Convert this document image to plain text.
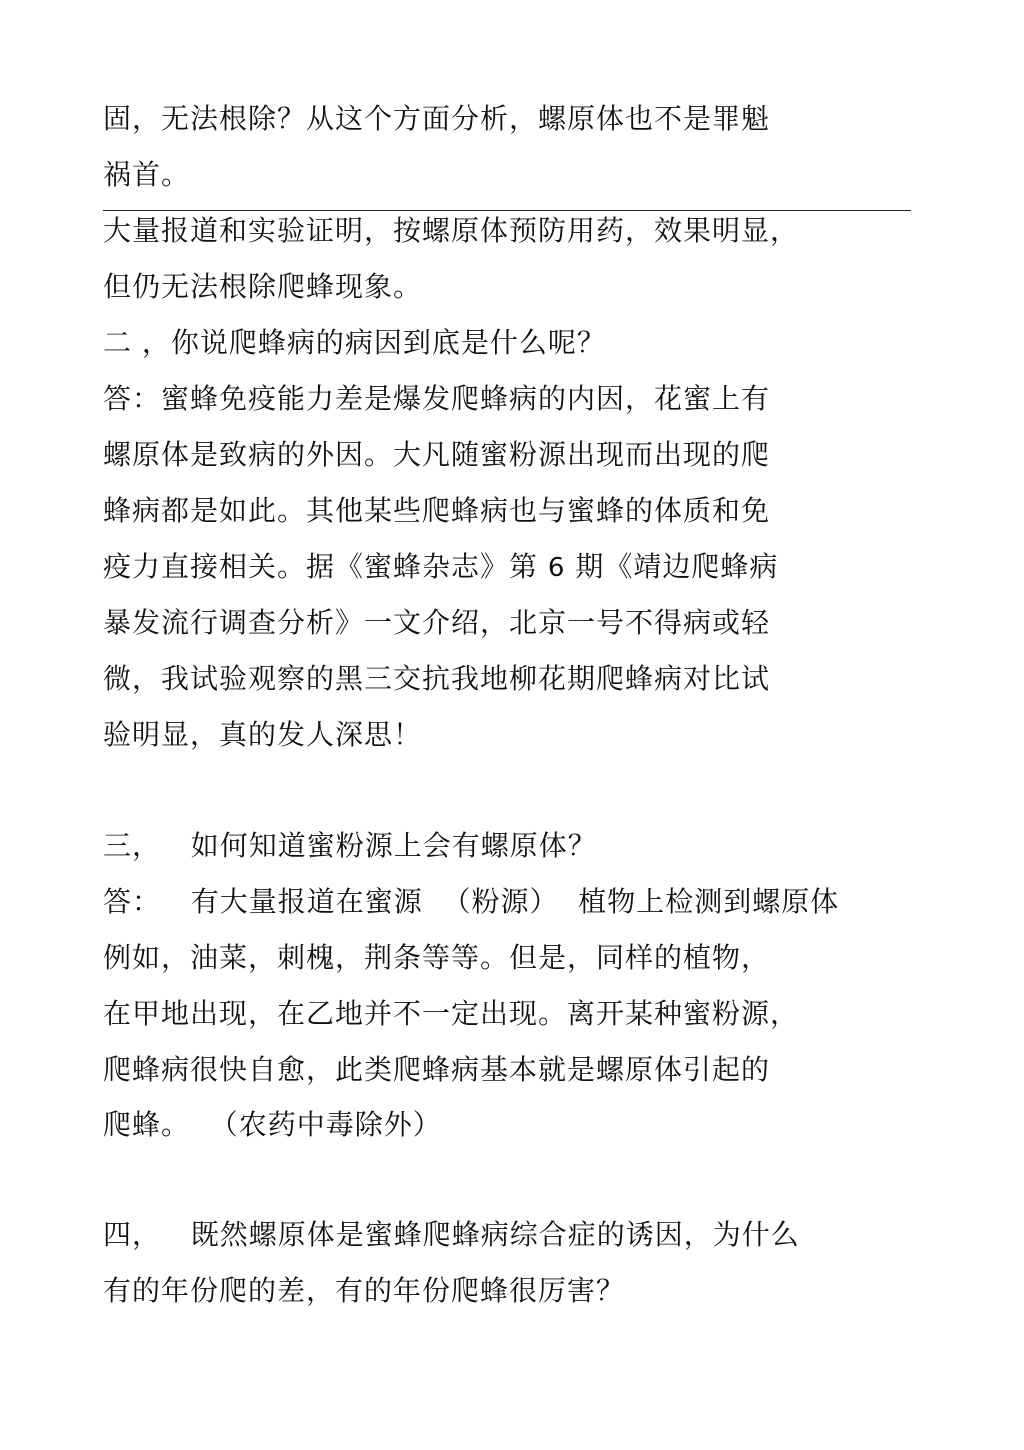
固，无法根除？从这个方面分析，螺原体也不是罪魁
祸首。
大量报道和实验证明，按螺原体预防用药，效果明显，
但仍无法根除爬蜂现象。
二 ，你说爬蜂病的病因到底是什么呢？
答：蜜蜂免疫能力差是爆发爬蜂病的内因，花蜜上有
螺原体是致病的外因。大凡随蜜粉源出现而出现的爬
蜂病都是如此。其他某些爬蜂病也与蜜蜂的体质和免
疫力直接相关。据《蜜蜂杂志》第 6 期《靖边爬蜂病
暴发流行调查分析》一文介绍，北京一号不得病或轻
微，我试验观察的黑三交抗我地柳花期爬蜂病对比试
验明显，真的发人深思！
三，   如何知道蜜粉源上会有螺原体？
答：   有大量报道在蜜源  （粉源）  植物上检测到螺原体
例如，油菜，刺槐，荆条等等。但是，同样的植物，
在甲地出现，在乙地并不一定出现。离开某种蜜粉源，
爬蜂病很快自愈，此类爬蜂病基本就是螺原体引起的
爬蜂。  （农药中毒除外）
四，   既然螺原体是蜜蜂爬蜂病综合症的诱因，为什么
有的年份爬的差，有的年份爬蜂很厉害？
